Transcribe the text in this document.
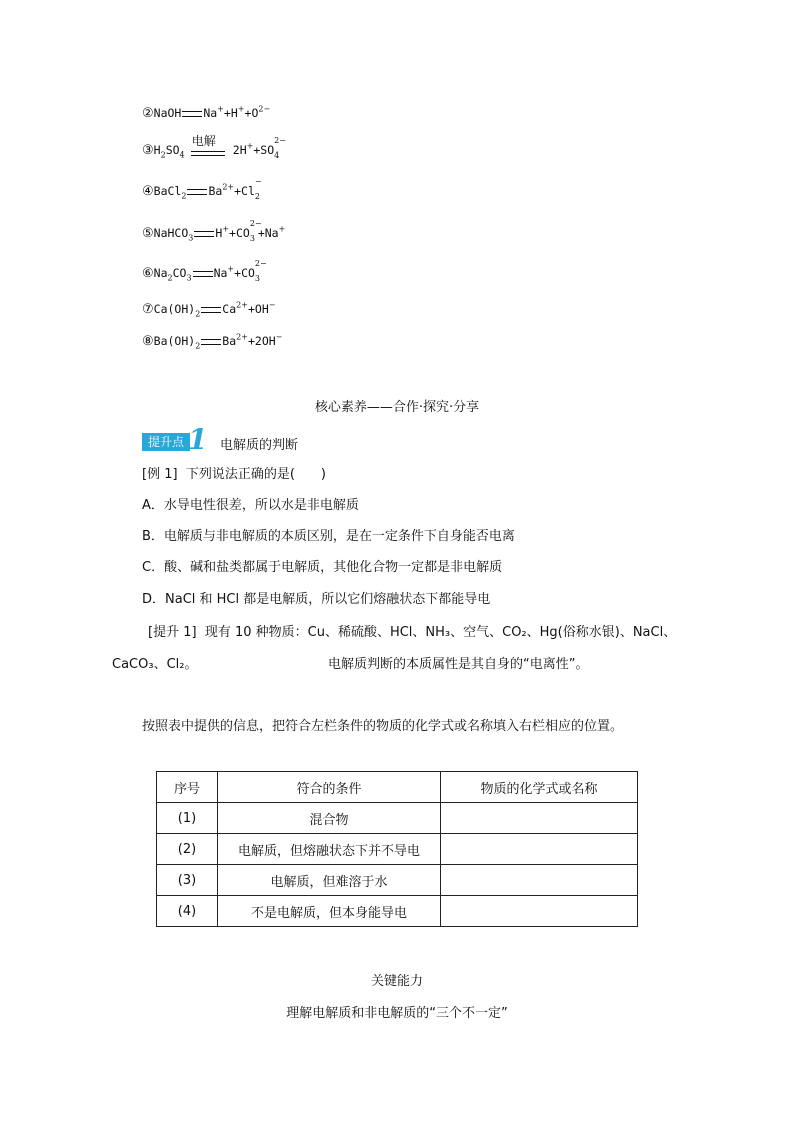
②NaOH $Na^++H^++O^{2-}$
$③H_2SO_4$
电解
2H++SO
2−
4
④BaCl$_2$ $Ba^{2+}+Cl$
−
2
⑤NaHCO$_3$ H++CO
2−
3 +Na+
$⑥Na_2CO_3$ Na++CO
2−
3
$⑦Ca(OH)_2$ $Ca^{2+}+OH^-$
$⑧Ba(OH)_2$ $Ba^{2+}+2OH^-$
核心素养——合作·探究·分享
提升点 1 电解质的判断
[例 1] 下列说法正确的是(　　)
A．水导电性很差，所以水是非电解质
B．电解质与非电解质的本质区别，是在一定条件下自身能否电离
C．酸、碱和盐类都属于电解质，其他化合物一定都是非电解质
D．NaCl 和 HCl 都是电解质，所以它们熔融状态下都能导电
[提升 1] 现有 10 种物质：Cu、稀硫酸、HCl、NH₃、空气、CO₂、Hg(俗称水银)、NaCl、
CaCO₃、Cl₂。	电解质判断的本质属性是其自身的“电离性”。
按照表中提供的信息，把符合左栏条件的物质的化学式或名称填入右栏相应的位置。
序号	符合的条件	物质的化学式或名称
(1)	混合物	
(2)	电解质，但熔融状态下并不导电	
(3)	电解质，但难溶于水	
(4)	不是电解质，但本身能导电	
关键能力
理解电解质和非电解质的“三个不一定”
